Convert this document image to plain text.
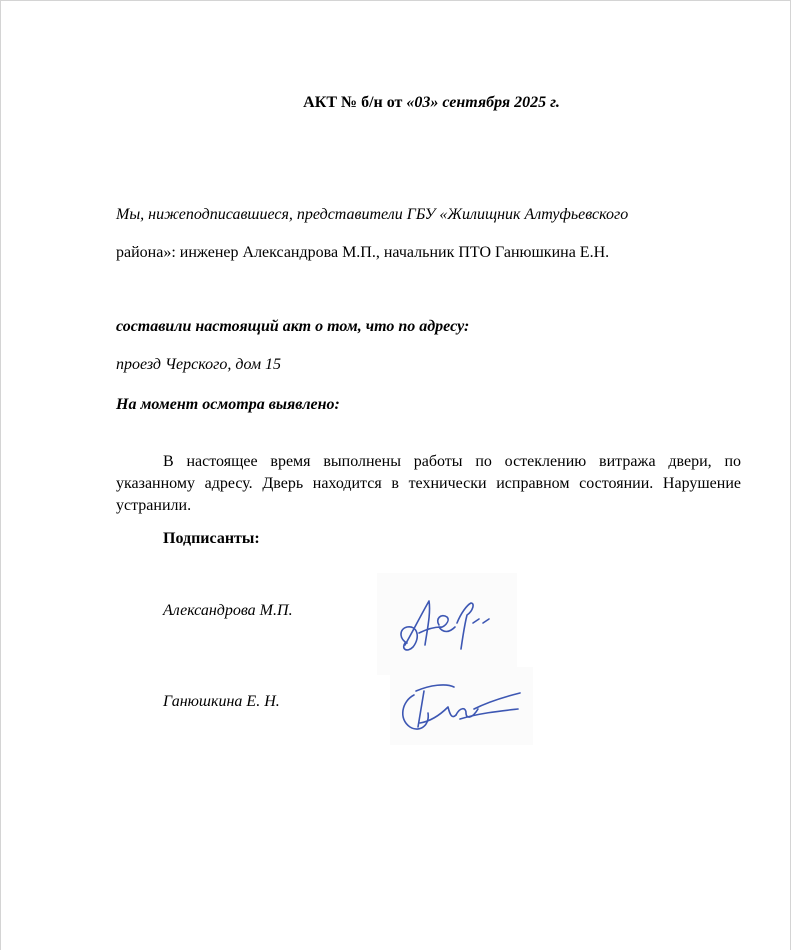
АКТ № б/н от «03» сентября 2025 г.
Мы, нижеподписавшиеся, представители ГБУ «Жилищник Алтуфьевского
района»: инженер Александрова М.П., начальник ПТО Ганюшкина Е.Н.
составили настоящий акт о том, что по адресу:
проезд Черского, дом 15
На момент осмотра выявлено:
В настоящее время выполнены работы по остеклению витража двери, по указанному адресу. Дверь находится в технически исправном состоянии. Нарушение устранили.
Подписанты:
Александрова М.П.
Ганюшкина Е. Н.
